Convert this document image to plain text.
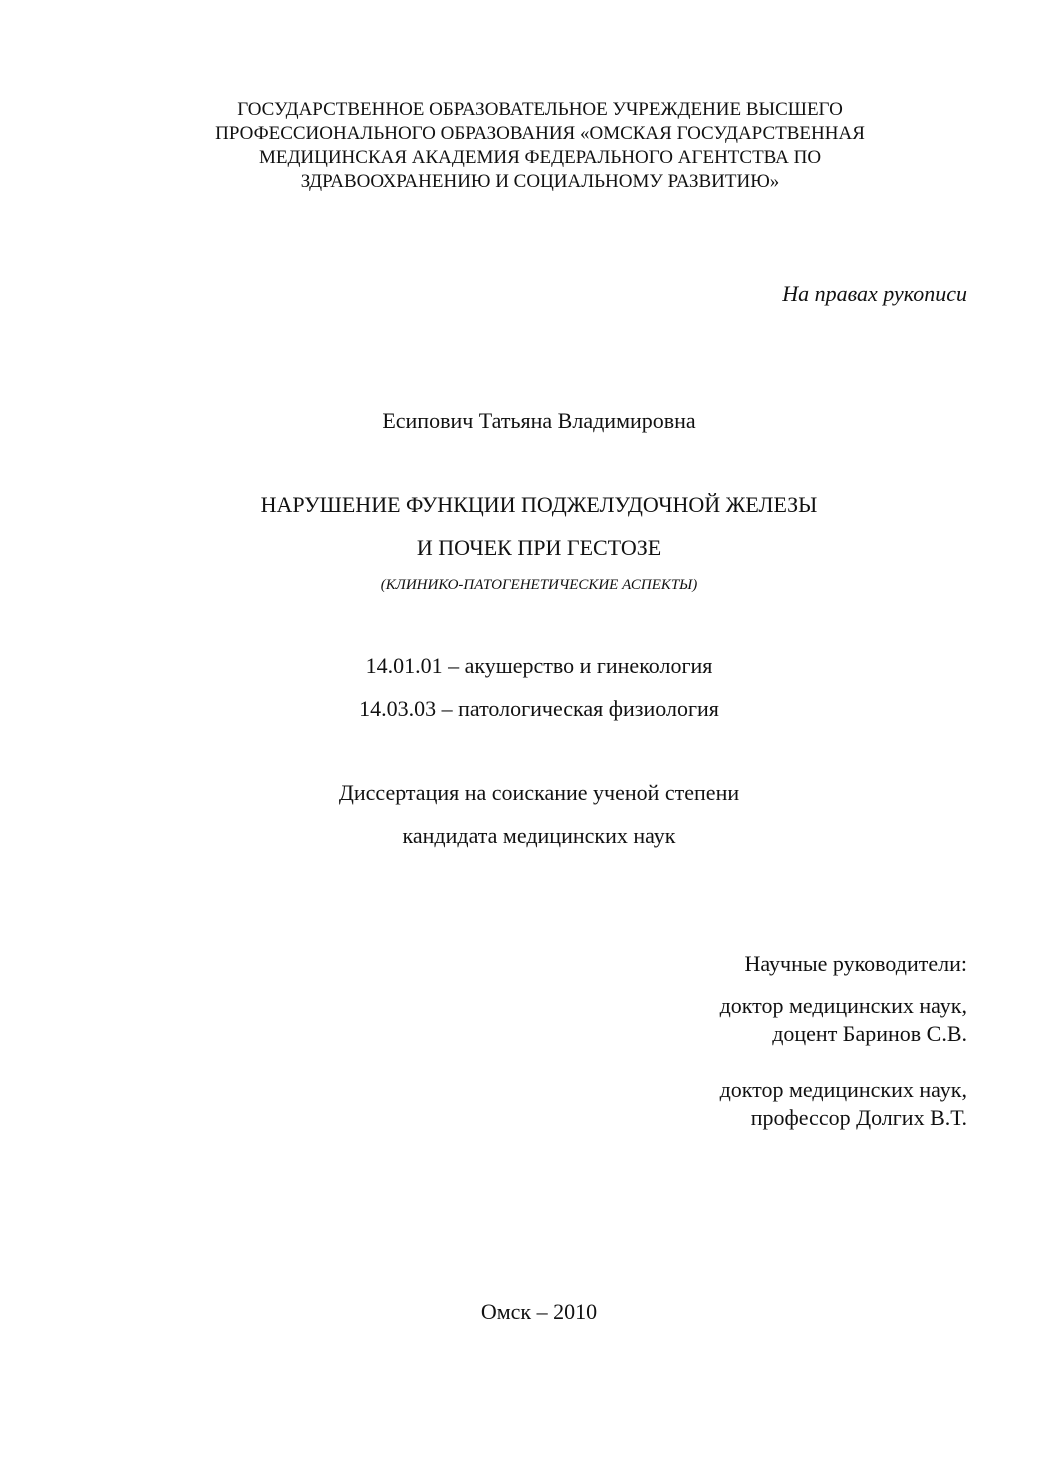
ГОСУДАРСТВЕННОЕ ОБРАЗОВАТЕЛЬНОЕ УЧРЕЖДЕНИЕ ВЫСШЕГО
ПРОФЕССИОНАЛЬНОГО ОБРАЗОВАНИЯ «ОМСКАЯ ГОСУДАРСТВЕННАЯ
МЕДИЦИНСКАЯ АКАДЕМИЯ ФЕДЕРАЛЬНОГО АГЕНТСТВА ПО
ЗДРАВООХРАНЕНИЮ И СОЦИАЛЬНОМУ РАЗВИТИЮ»
На правах рукописи
Есипович Татьяна Владимировна
НАРУШЕНИЕ ФУНКЦИИ ПОДЖЕЛУДОЧНОЙ ЖЕЛЕЗЫ
И ПОЧЕК ПРИ ГЕСТОЗЕ
(КЛИНИКО-ПАТОГЕНЕТИЧЕСКИЕ АСПЕКТЫ)
14.01.01 – акушерство и гинекология
14.03.03 – патологическая физиология
Диссертация на соискание ученой степени
кандидата медицинских наук
Научные руководители:
доктор медицинских наук,
доцент Баринов С.В.
доктор медицинских наук,
профессор Долгих В.Т.
Омск – 2010
